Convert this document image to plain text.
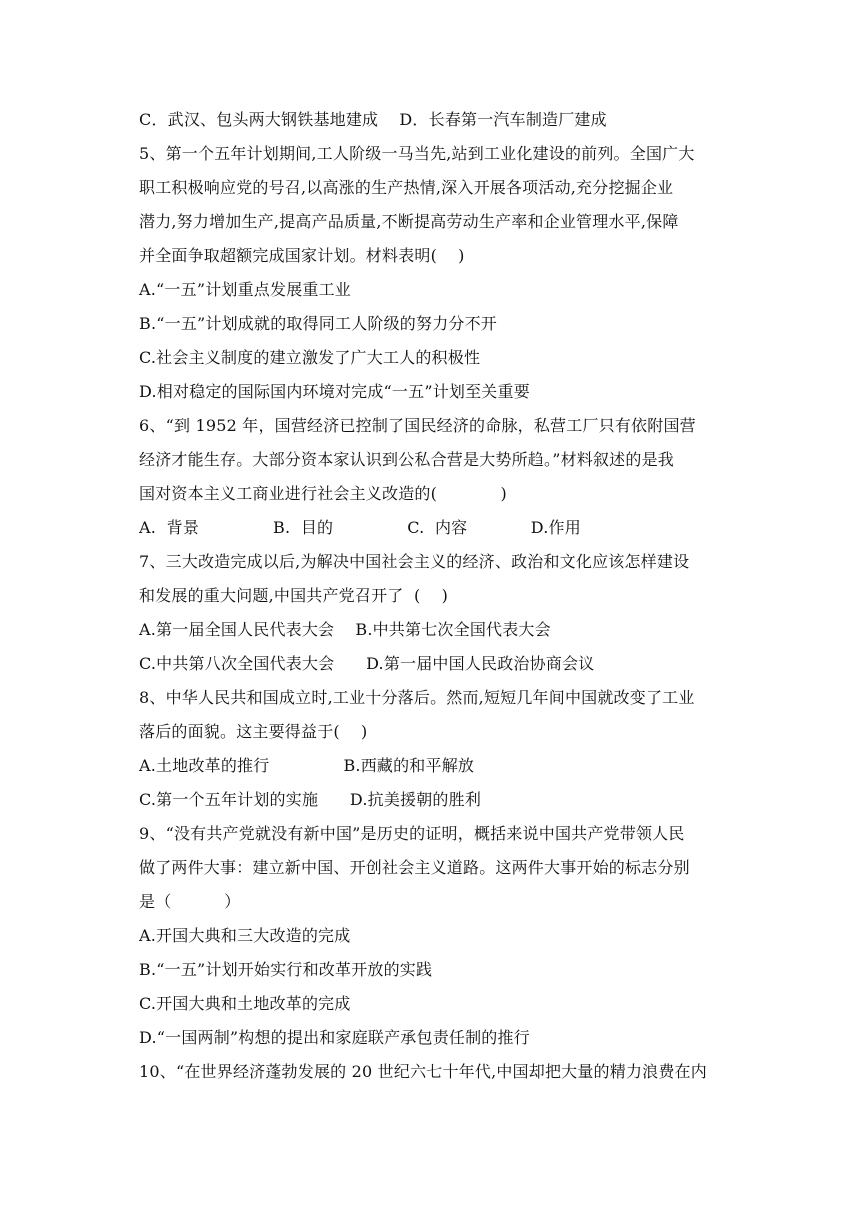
C．武汉、包头两大钢铁基地建成    D．长春第一汽车制造厂建成
5、第一个五年计划期间,工人阶级一马当先,站到工业化建设的前列。全国广大
职工积极响应党的号召,以高涨的生产热情,深入开展各项活动,充分挖掘企业
潜力,努力增加生产,提高产品质量,不断提高劳动生产率和企业管理水平,保障
并全面争取超额完成国家计划。材料表明(    )
A.“一五”计划重点发展重工业
B.“一五”计划成就的取得同工人阶级的努力分不开
C.社会主义制度的建立激发了广大工人的积极性
D.相对稳定的国际国内环境对完成“一五”计划至关重要
6、“到 1952 年，国营经济已控制了国民经济的命脉，私营工厂只有依附国营
经济才能生存。大部分资本家认识到公私合营是大势所趋。”材料叙述的是我
国对资本主义工商业进行社会主义改造的(            )
A.  背景              B.  目的              C.  内容            D.作用
7、三大改造完成以后,为解决中国社会主义的经济、政治和文化应该怎样建设
和发展的重大问题,中国共产党召开了  (    )
A.第一届全国人民代表大会    B.中共第七次全国代表大会
C.中共第八次全国代表大会      D.第一届中国人民政治协商会议
8、中华人民共和国成立时,工业十分落后。然而,短短几年间中国就改变了工业
落后的面貌。这主要得益于(    )
A.土地改革的推行              B.西藏的和平解放
C.第一个五年计划的实施      D.抗美援朝的胜利
9、“没有共产党就没有新中国”是历史的证明，概括来说中国共产党带领人民
做了两件大事：建立新中国、开创社会主义道路。这两件大事开始的标志分别
是（          ）
A.开国大典和三大改造的完成
B.“一五”计划开始实行和改革开放的实践
C.开国大典和土地改革的完成
D.“一国两制”构想的提出和家庭联产承包责任制的推行
10、“在世界经济蓬勃发展的 20 世纪六七十年代,中国却把大量的精力浪费在内
